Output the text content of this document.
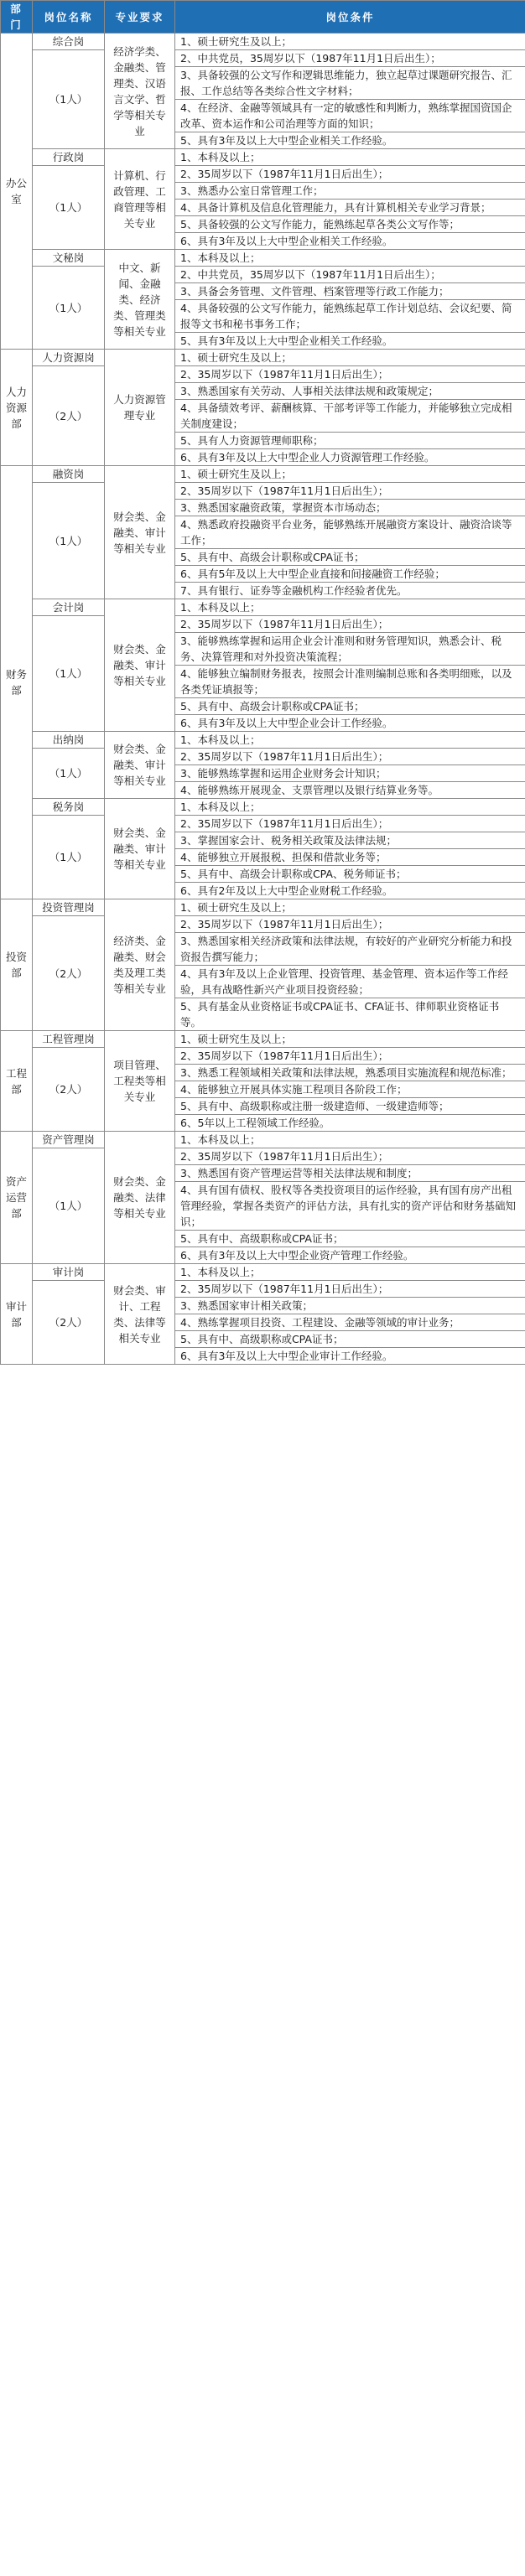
部门	岗位名称	专业要求	岗位条件
办公室	综合岗	经济学类、金融类、管理类、汉语言文学、哲学等相关专业	1、硕士研究生及以上；
	（1人）		2、中共党员，35周岁以下（1987年11月1日后出生）；
			3、具备较强的公文写作和逻辑思维能力，独立起草过课题研究报告、汇报、工作总结等各类综合性文字材料；
			4、在经济、金融等领域具有一定的敏感性和判断力，熟练掌握国资国企改革、资本运作和公司治理等方面的知识；
			5、具有3年及以上大中型企业相关工作经验。
	行政岗	计算机、行政管理、工商管理等相关专业	1、本科及以上；
	（1人）		2、35周岁以下（1987年11月1日后出生）；
			3、熟悉办公室日常管理工作；
			4、具备计算机及信息化管理能力，具有计算机相关专业学习背景；
			5、具备较强的公文写作能力，能熟练起草各类公文写作等；
			6、具有3年及以上大中型企业相关工作经验。
	文秘岗	中文、新闻、金融类、经济类、管理类等相关专业	1、本科及以上；
	（1人）		2、中共党员，35周岁以下（1987年11月1日后出生）；
			3、具备会务管理、文件管理、档案管理等行政工作能力；
			4、具备较强的公文写作能力，能熟练起草工作计划总结、会议纪要、简报等文书和秘书事务工作；
			5、具有3年及以上大中型企业相关工作经验。
人力资源部	人力资源岗	人力资源管理专业	1、硕士研究生及以上；
	（2人）		2、35周岁以下（1987年11月1日后出生）；
			3、熟悉国家有关劳动、人事相关法律法规和政策规定；
			4、具备绩效考评、薪酬核算、干部考评等工作能力，并能够独立完成相关制度建设；
			5、具有人力资源管理师职称；
			6、具有3年及以上大中型企业人力资源管理工作经验。
财务部	融资岗	财会类、金融类、审计等相关专业	1、硕士研究生及以上；
	（1人）		2、35周岁以下（1987年11月1日后出生）；
			3、熟悉国家融资政策，掌握资本市场动态；
			4、熟悉政府投融资平台业务，能够熟练开展融资方案设计、融资洽谈等工作；
			5、具有中、高级会计职称或CPA证书；
			6、具有5年及以上大中型企业直接和间接融资工作经验；
			7、具有银行、证券等金融机构工作经验者优先。
	会计岗	财会类、金融类、审计等相关专业	1、本科及以上；
	（1人）		2、35周岁以下（1987年11月1日后出生）；
			3、能够熟练掌握和运用企业会计准则和财务管理知识，熟悉会计、税务、决算管理和对外投资决策流程；
			4、能够独立编制财务报表，按照会计准则编制总账和各类明细账，以及各类凭证填报等；
			5、具有中、高级会计职称或CPA证书；
			6、具有3年及以上大中型企业会计工作经验。
	出纳岗	财会类、金融类、审计等相关专业	1、本科及以上；
	（1人）		2、35周岁以下（1987年11月1日后出生）；
			3、能够熟练掌握和运用企业财务会计知识；
			4、能够熟练开展现金、支票管理以及银行结算业务等。
	税务岗	财会类、金融类、审计等相关专业	1、本科及以上；
	（1人）		2、35周岁以下（1987年11月1日后出生）；
			3、掌握国家会计、税务相关政策及法律法规；
			4、能够独立开展报税、担保和借款业务等；
			5、具有中、高级会计职称或CPA、税务师证书；
			6、具有2年及以上大中型企业财税工作经验。
投资部	投资管理岗	经济类、金融类、财会类及理工类等相关专业	1、硕士研究生及以上；
	（2人）		2、35周岁以下（1987年11月1日后出生）；
			3、熟悉国家相关经济政策和法律法规，有较好的产业研究分析能力和投资报告撰写能力；
			4、具有3年及以上企业管理、投资管理、基金管理、资本运作等工作经验，具有战略性新兴产业项目投资经验；
			5、具有基金从业资格证书或CPA证书、CFA证书、律师职业资格证书等。
工程部	工程管理岗	项目管理、工程类等相关专业	1、硕士研究生及以上；
	（2人）		2、35周岁以下（1987年11月1日后出生）；
			3、熟悉工程领域相关政策和法律法规，熟悉项目实施流程和规范标准；
			4、能够独立开展具体实施工程项目各阶段工作；
			5、具有中、高级职称或注册一级建造师、一级建造师等；
			6、5年以上工程领域工作经验。
资产运营部	资产管理岗	财会类、金融类、法律等相关专业	1、本科及以上；
	（1人）		2、35周岁以下（1987年11月1日后出生）；
			3、熟悉国有资产管理运营等相关法律法规和制度；
			4、具有国有债权、股权等各类投资项目的运作经验，具有国有房产出租管理经验，掌握各类资产的评估方法，具有扎实的资产评估和财务基础知识；
			5、具有中、高级职称或CPA证书；
			6、具有3年及以上大中型企业资产管理工作经验。
审计部	审计岗	财会类、审计、工程类、法律等相关专业	1、本科及以上；
	（2人）		2、35周岁以下（1987年11月1日后出生）；
			3、熟悉国家审计相关政策；
			4、熟练掌握项目投资、工程建设、金融等领域的审计业务；
			5、具有中、高级职称或CPA证书；
			6、具有3年及以上大中型企业审计工作经验。
